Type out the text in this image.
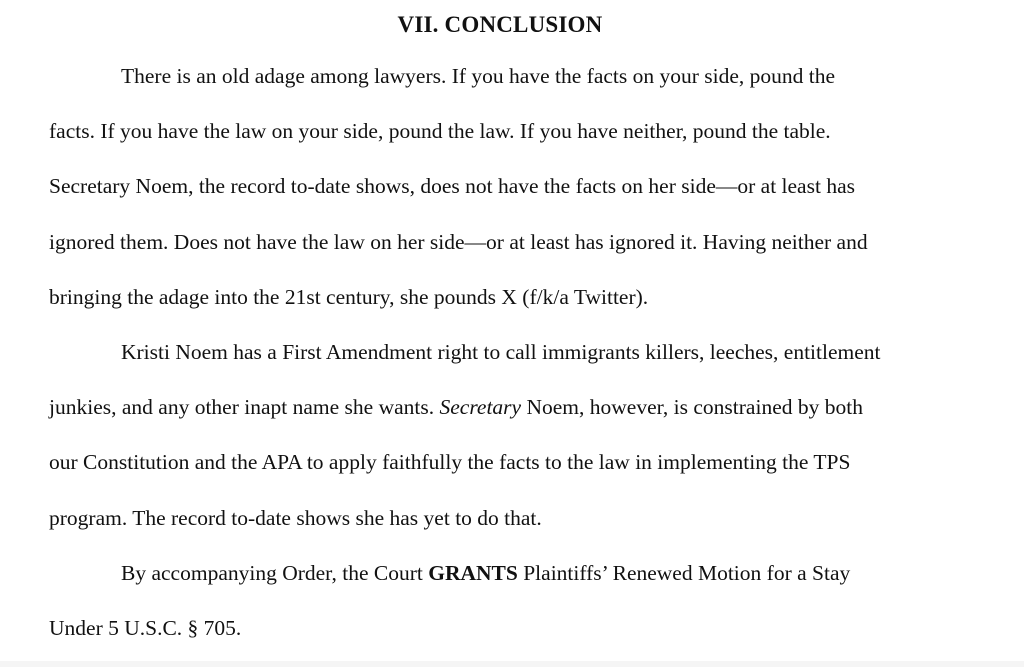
VII. CONCLUSION
There is an old adage among lawyers. If you have the facts on your side, pound the
facts. If you have the law on your side, pound the law. If you have neither, pound the table.
Secretary Noem, the record to-date shows, does not have the facts on her side—or at least has
ignored them. Does not have the law on her side—or at least has ignored it. Having neither and
bringing the adage into the 21st century, she pounds X (f/k/a Twitter).
Kristi Noem has a First Amendment right to call immigrants killers, leeches, entitlement
junkies, and any other inapt name she wants. Secretary Noem, however, is constrained by both
our Constitution and the APA to apply faithfully the facts to the law in implementing the TPS
program. The record to-date shows she has yet to do that.
By accompanying Order, the Court GRANTS Plaintiffs’ Renewed Motion for a Stay
Under 5 U.S.C. § 705.
